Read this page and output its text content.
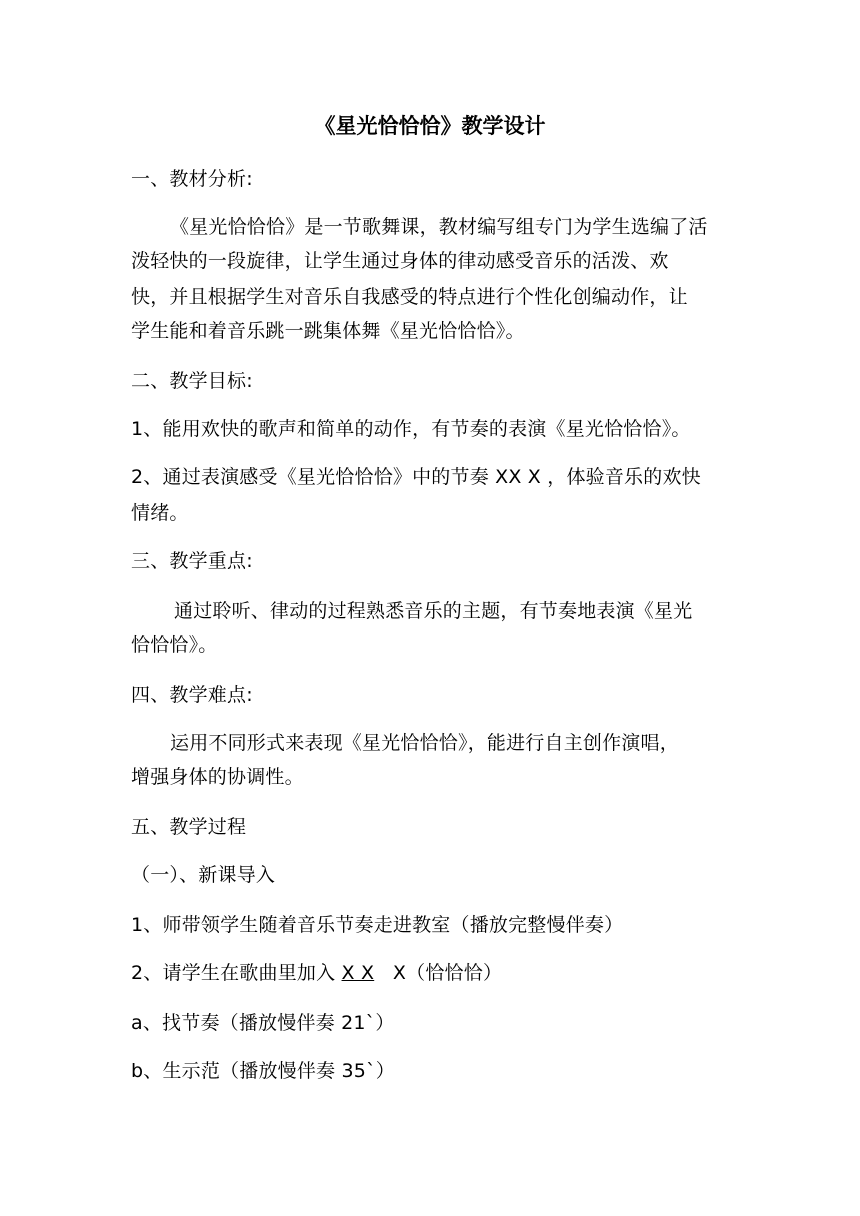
《星光恰恰恰》教学设计
一、教材分析:
《星光恰恰恰》是一节歌舞课，教材编写组专门为学生选编了活
泼轻快的一段旋律，让学生通过身体的律动感受音乐的活泼、欢
快，并且根据学生对音乐自我感受的特点进行个性化创编动作，让
学生能和着音乐跳一跳集体舞《星光恰恰恰》。
二、教学目标:
1、能用欢快的歌声和简单的动作，有节奏的表演《星光恰恰恰》。
2、通过表演感受《星光恰恰恰》中的节奏 XX X ，体验音乐的欢快
情绪。
三、教学重点:
通过聆听、律动的过程熟悉音乐的主题，有节奏地表演《星光
恰恰恰》。
四、教学难点:
运用不同形式来表现《星光恰恰恰》，能进行自主创作演唱，
增强身体的协调性。
五、教学过程
（一）、新课导入
1、师带领学生随着音乐节奏走进教室（播放完整慢伴奏）
2、请学生在歌曲里加入 X X   X（恰恰恰）
a、找节奏（播放慢伴奏 21`）
b、生示范（播放慢伴奏 35`）
